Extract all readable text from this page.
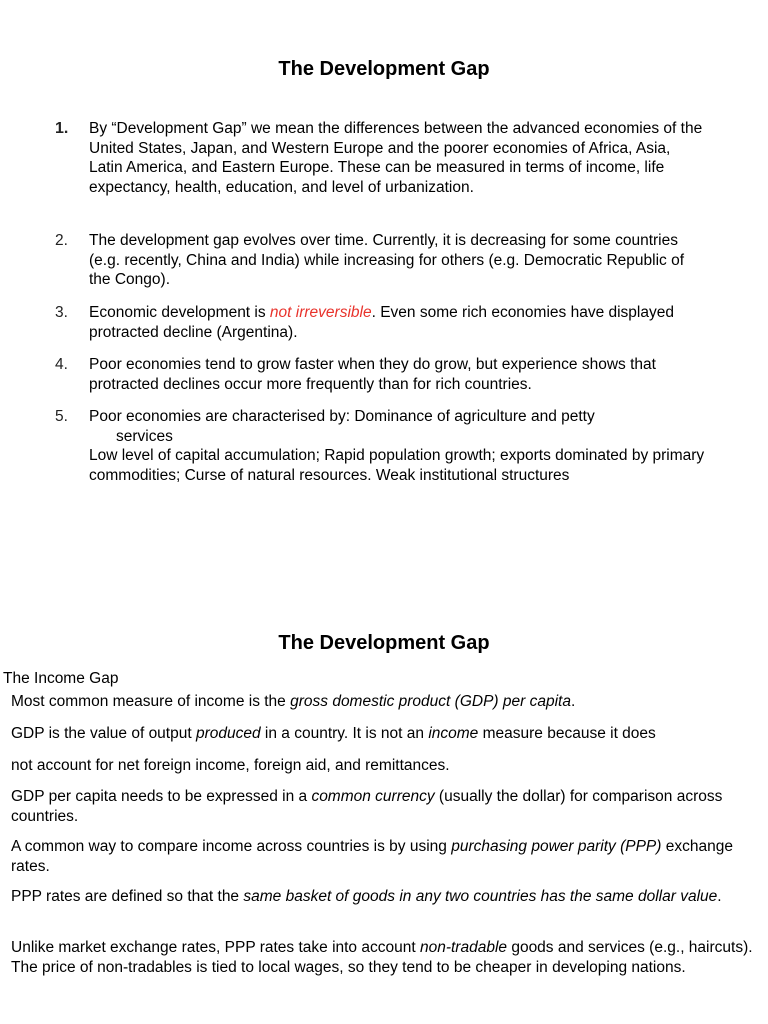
The Development Gap
1. By “Development Gap” we mean the differences between the advanced economies of the United States, Japan, and Western Europe and the poorer economies of Africa, Asia, Latin America, and Eastern Europe. These can be measured in terms of income, life expectancy, health, education, and level of urbanization.
2. The development gap evolves over time. Currently, it is decreasing for some countries (e.g. recently, China and India) while increasing for others (e.g. Democratic Republic of the Congo).
3. Economic development is not irreversible. Even some rich economies have displayed protracted decline (Argentina).
4. Poor economies tend to grow faster when they do grow, but experience shows that protracted declines occur more frequently than for rich countries.
5. Poor economies are characterised by: Dominance of agriculture and petty

services
Low level of capital accumulation; Rapid population growth; exports dominated by primary commodities; Curse of natural resources. Weak institutional structures
The Development Gap
The Income Gap
Most common measure of income is the gross domestic product (GDP) per capita.
GDP is the value of output produced in a country. It is not an income measure because it does
not account for net foreign income, foreign aid, and remittances.
GDP per capita needs to be expressed in a common currency (usually the dollar) for comparison across countries.
A common way to compare income across countries is by using purchasing power parity (PPP) exchange rates.
PPP rates are defined so that the same basket of goods in any two countries has the same dollar value.
Unlike market exchange rates, PPP rates take into account non-tradable goods and services (e.g., haircuts). The price of non-tradables is tied to local wages, so they tend to be cheaper in developing nations.
